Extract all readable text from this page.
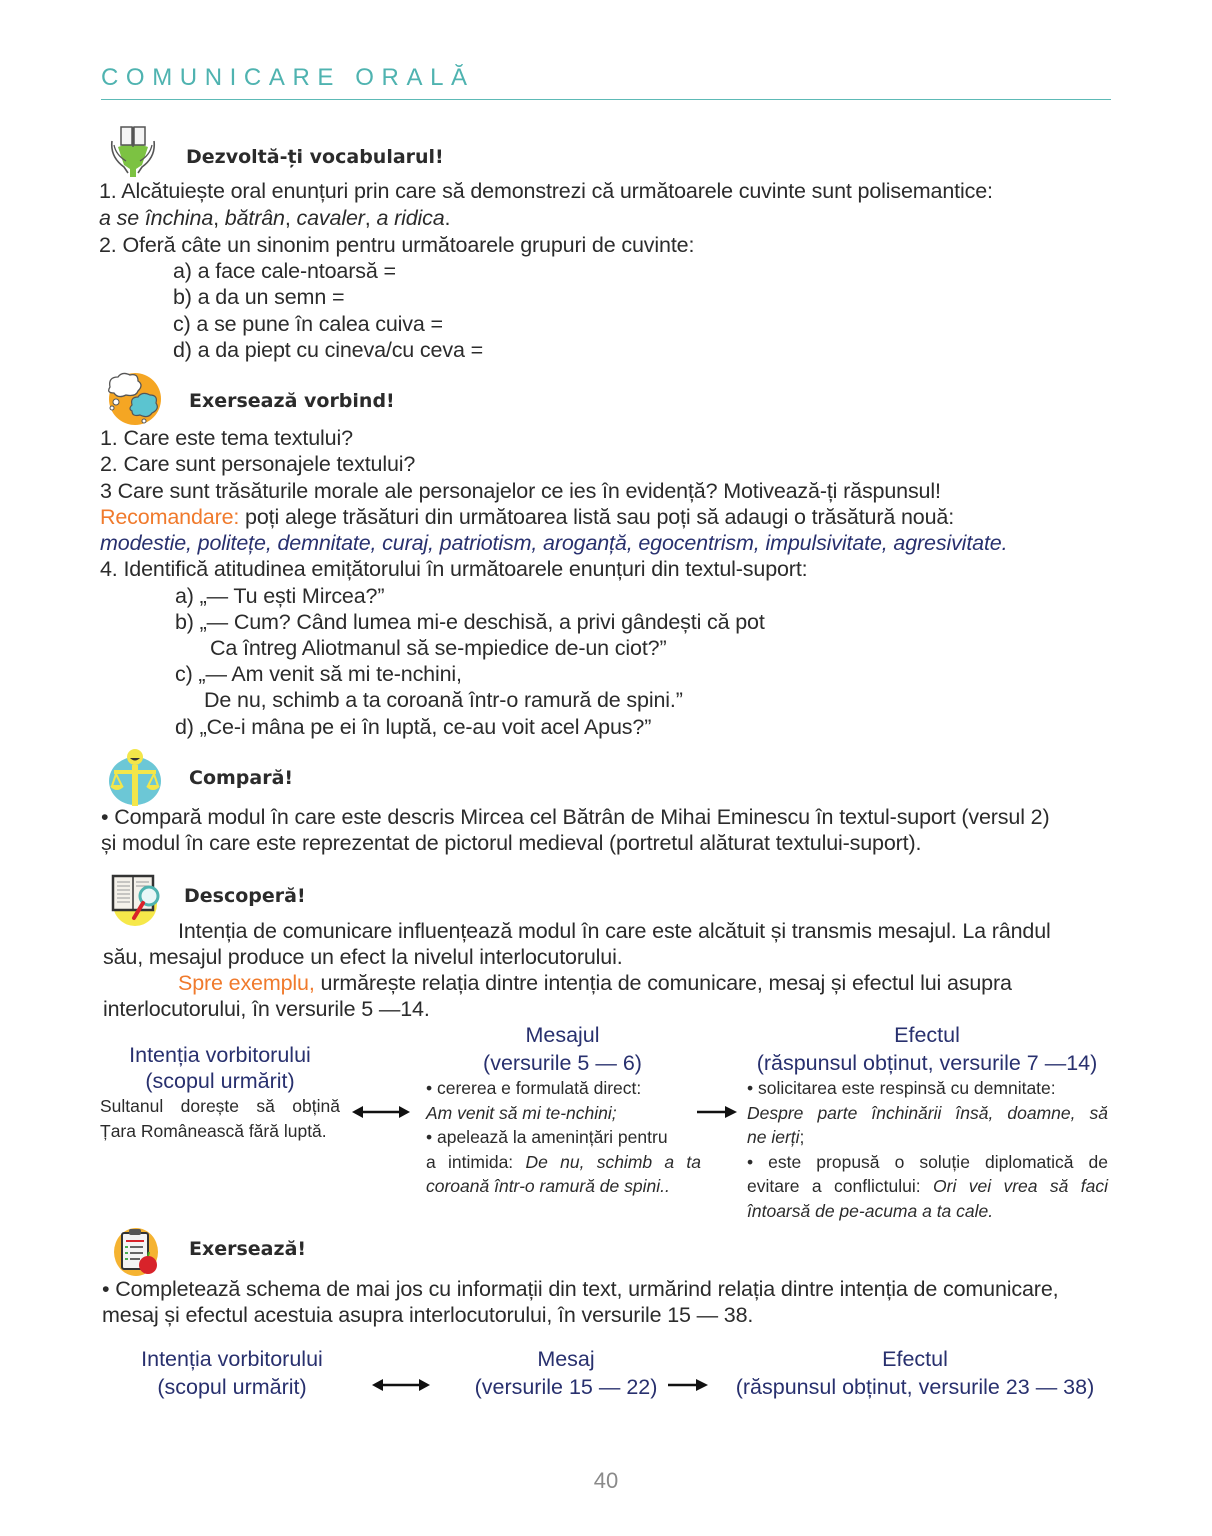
COMUNICARE ORALĂ
Dezvoltă-ți vocabularul!
1. Alcătuiește oral enunțuri prin care să demonstrezi că următoarele cuvinte sunt polisemantice:
a se închina, bătrân, cavaler, a ridica.
2. Oferă câte un sinonim pentru următoarele grupuri de cuvinte:
a) a face cale-ntoarsă =
b) a da un semn =
c) a se pune în calea cuiva =
d) a da piept cu cineva/cu ceva =
Exersează vorbind!
1. Care este tema textului?
2. Care sunt personajele textului?
3 Care sunt trăsăturile morale ale personajelor ce ies în evidență? Motivează-ți răspunsul!
Recomandare: poți alege trăsături din următoarea listă sau poți să adaugi o trăsătură nouă:
modestie, politețe, demnitate, curaj, patriotism, aroganță, egocentrism, impulsivitate, agresivitate.
4. Identifică atitudinea emițătorului în următoarele enunțuri din textul-suport:
a) „— Tu ești Mircea?”
b) „— Cum? Când lumea mi-e deschisă, a privi gândești că pot
Ca întreg Aliotmanul să se-mpiedice de-un ciot?”
c) „— Am venit să mi te-nchini,
De nu, schimb a ta coroană într-o ramură de spini.”
d) „Ce-i mâna pe ei în luptă, ce-au voit acel Apus?”
Compară!
• Compară modul în care este descris Mircea cel Bătrân de Mihai Eminescu în textul-suport (versul 2)
și modul în care este reprezentat de pictorul medieval (portretul alăturat textului-suport).
Descoperă!
Intenția de comunicare influențează modul în care este alcătuit și transmis mesajul. La rândul
său, mesajul produce un efect la nivelul interlocutorului.
Spre exemplu, urmărește relația dintre intenția de comunicare, mesaj și efectul lui asupra
interlocutorului, în versurile 5 —14.
Intenția vorbitorului
(scopul urmărit)
Sultanul dorește să obțină
Țara Românească fără luptă.
Mesajul
(versurile 5 — 6)
• cererea e formulată direct:
Am venit să mi te-nchini;
• apelează la amenințări pentru
a intimida: De nu, schimb a ta
coroană într-o ramură de spini..
Efectul
(răspunsul obținut, versurile 7 —14)
• solicitarea este respinsă cu demnitate:
Despre parte închinării însă, doamne, să
ne ierți;
• este propusă o soluție diplomatică de
evitare a conflictului: Ori vei vrea să faci
întoarsă de pe-acuma a ta cale.
Exersează!
• Completează schema de mai jos cu informații din text, urmărind relația dintre intenția de comunicare,
mesaj și efectul acestuia asupra interlocutorului, în versurile 15 — 38.
Intenția vorbitorului
(scopul urmărit)
Mesaj
(versurile 15 — 22)
Efectul
(răspunsul obținut, versurile 23 — 38)
40
